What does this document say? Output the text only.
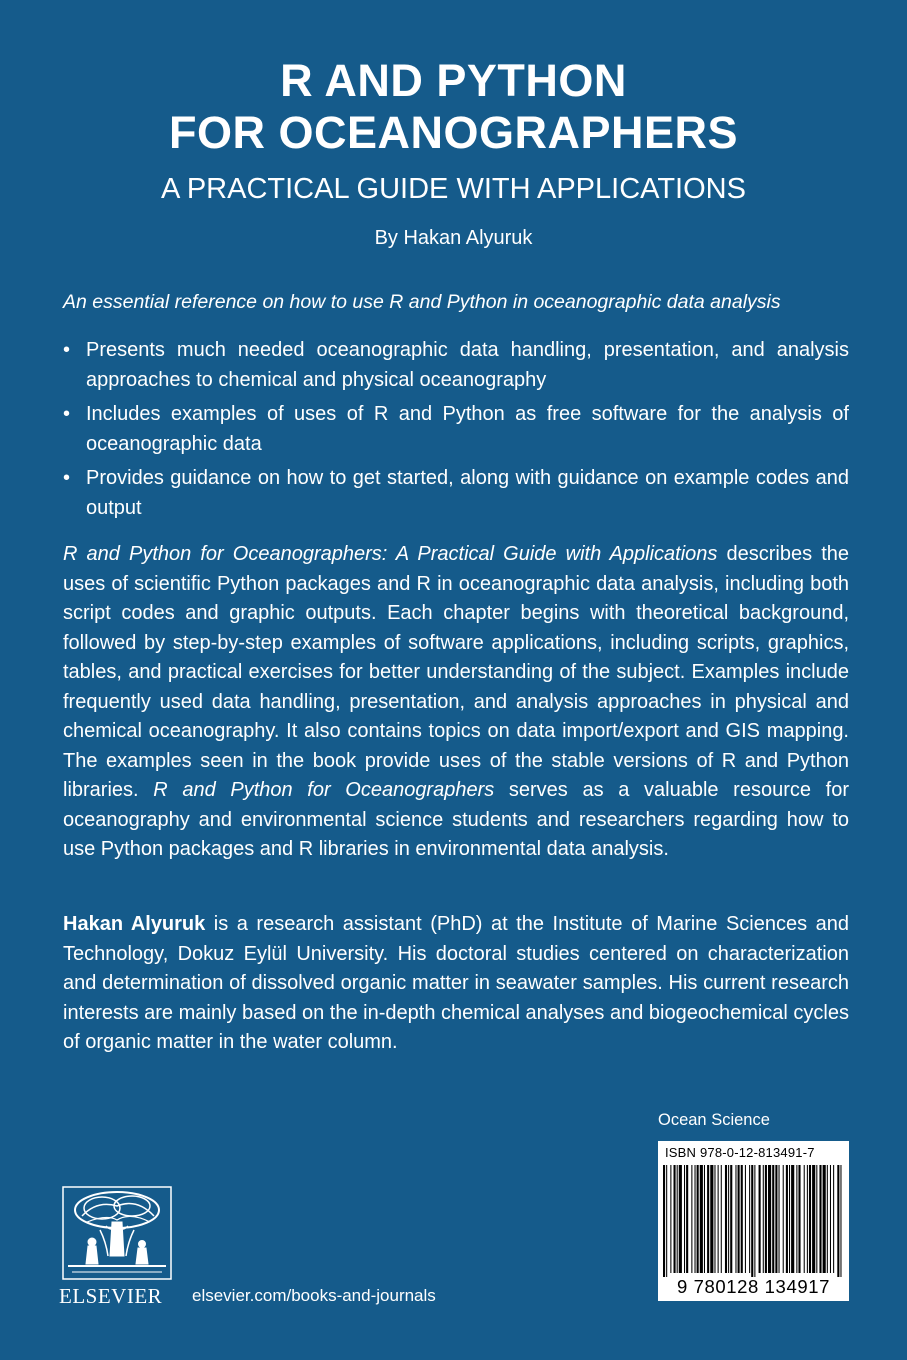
R AND PYTHON
FOR OCEANOGRAPHERS
A PRACTICAL GUIDE WITH APPLICATIONS
By Hakan Alyuruk
An essential reference on how to use R and Python in oceanographic data analysis
• Presents much needed oceanographic data handling, presentation, and analysis approaches to chemical and physical oceanography
• Includes examples of uses of R and Python as free software for the analysis of oceanographic data
• Provides guidance on how to get started, along with guidance on example codes and output

R and Python for Oceanographers: A Practical Guide with Applications describes the uses of scientific Python packages and R in oceanographic data analysis, including both script codes and graphic outputs. Each chapter begins with theoretical background, followed by step-by-step examples of software applications, including scripts, graphics, tables, and practical exercises for better understanding of the subject. Examples include frequently used data handling, presentation, and analysis approaches in physical and chemical oceanography. It also contains topics on data import/export and GIS mapping. The examples seen in the book provide uses of the stable versions of R and Python libraries. R and Python for Oceanographers serves as a valuable resource for oceanography and environmental science students and researchers regarding how to use Python packages and R libraries in environmental data analysis.

Hakan Alyuruk is a research assistant (PhD) at the Institute of Marine Sciences and Technology, Dokuz Eylül University. His doctoral studies centered on characterization and determination of dissolved organic matter in seawater samples. His current research interests are mainly based on the in-depth chemical analyses and biogeochemical cycles of organic matter in the water column.

Ocean Science
ISBN 978-0-12-813491-7
9 780128 134917
ELSEVIER elsevier.com/books-and-journals
